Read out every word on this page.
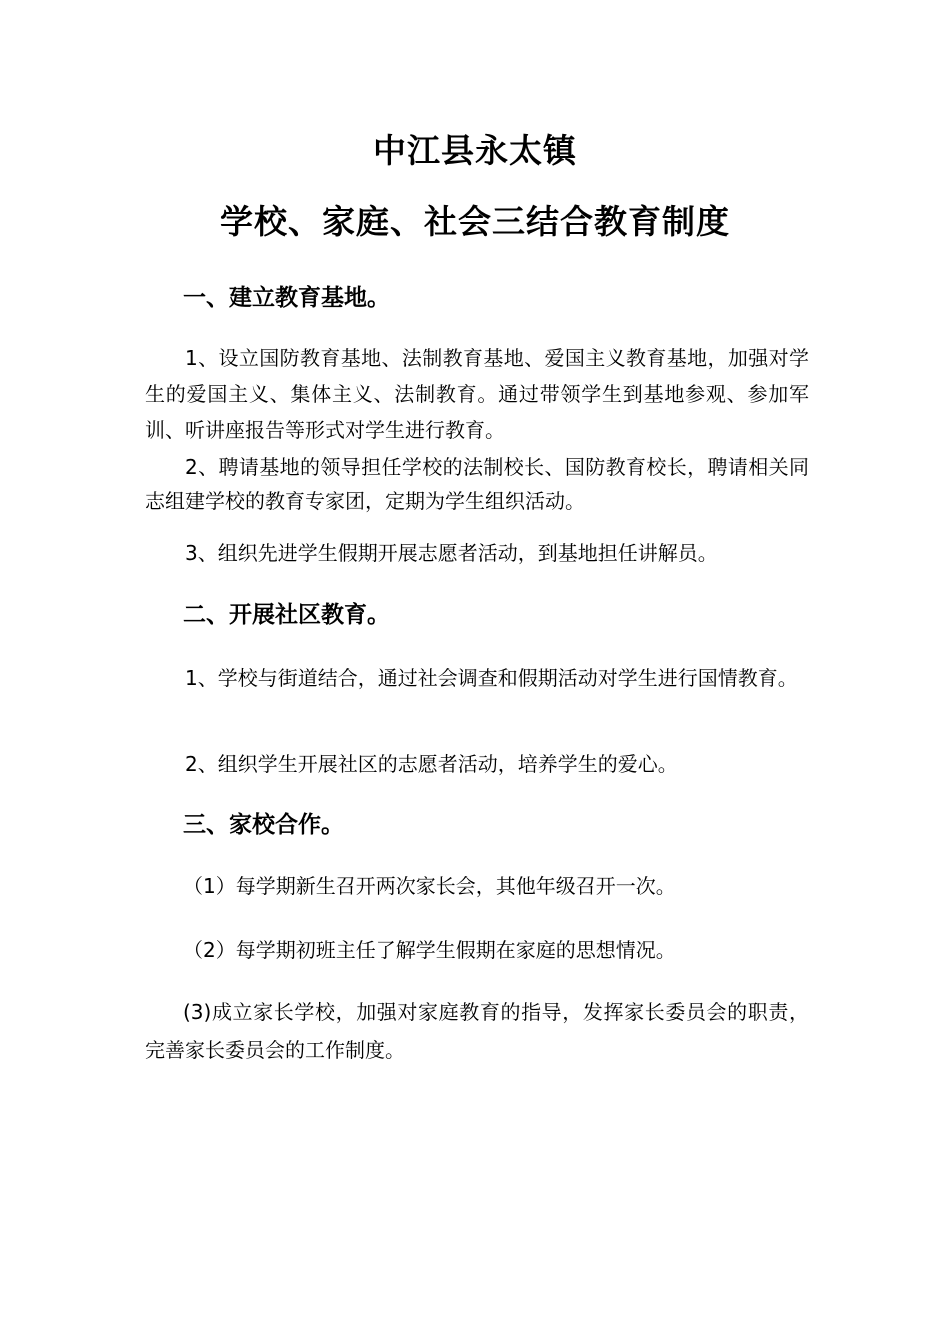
中江县永太镇
学校、家庭、社会三结合教育制度
一、建立教育基地。

1、设立国防教育基地、法制教育基地、爱国主义教育基地，加强对学生的爱国主义、集体主义、法制教育。通过带领学生到基地参观、参加军训、听讲座报告等形式对学生进行教育。

2、聘请基地的领导担任学校的法制校长、国防教育校长，聘请相关同志组建学校的教育专家团，定期为学生组织活动。

3、组织先进学生假期开展志愿者活动，到基地担任讲解员。

二、开展社区教育。

1、学校与街道结合，通过社会调查和假期活动对学生进行国情教育。

2、组织学生开展社区的志愿者活动，培养学生的爱心。

三、家校合作。

（1）每学期新生召开两次家长会，其他年级召开一次。

（2）每学期初班主任了解学生假期在家庭的思想情况。

(3)成立家长学校，加强对家庭教育的指导，发挥家长委员会的职责，完善家长委员会的工作制度。
